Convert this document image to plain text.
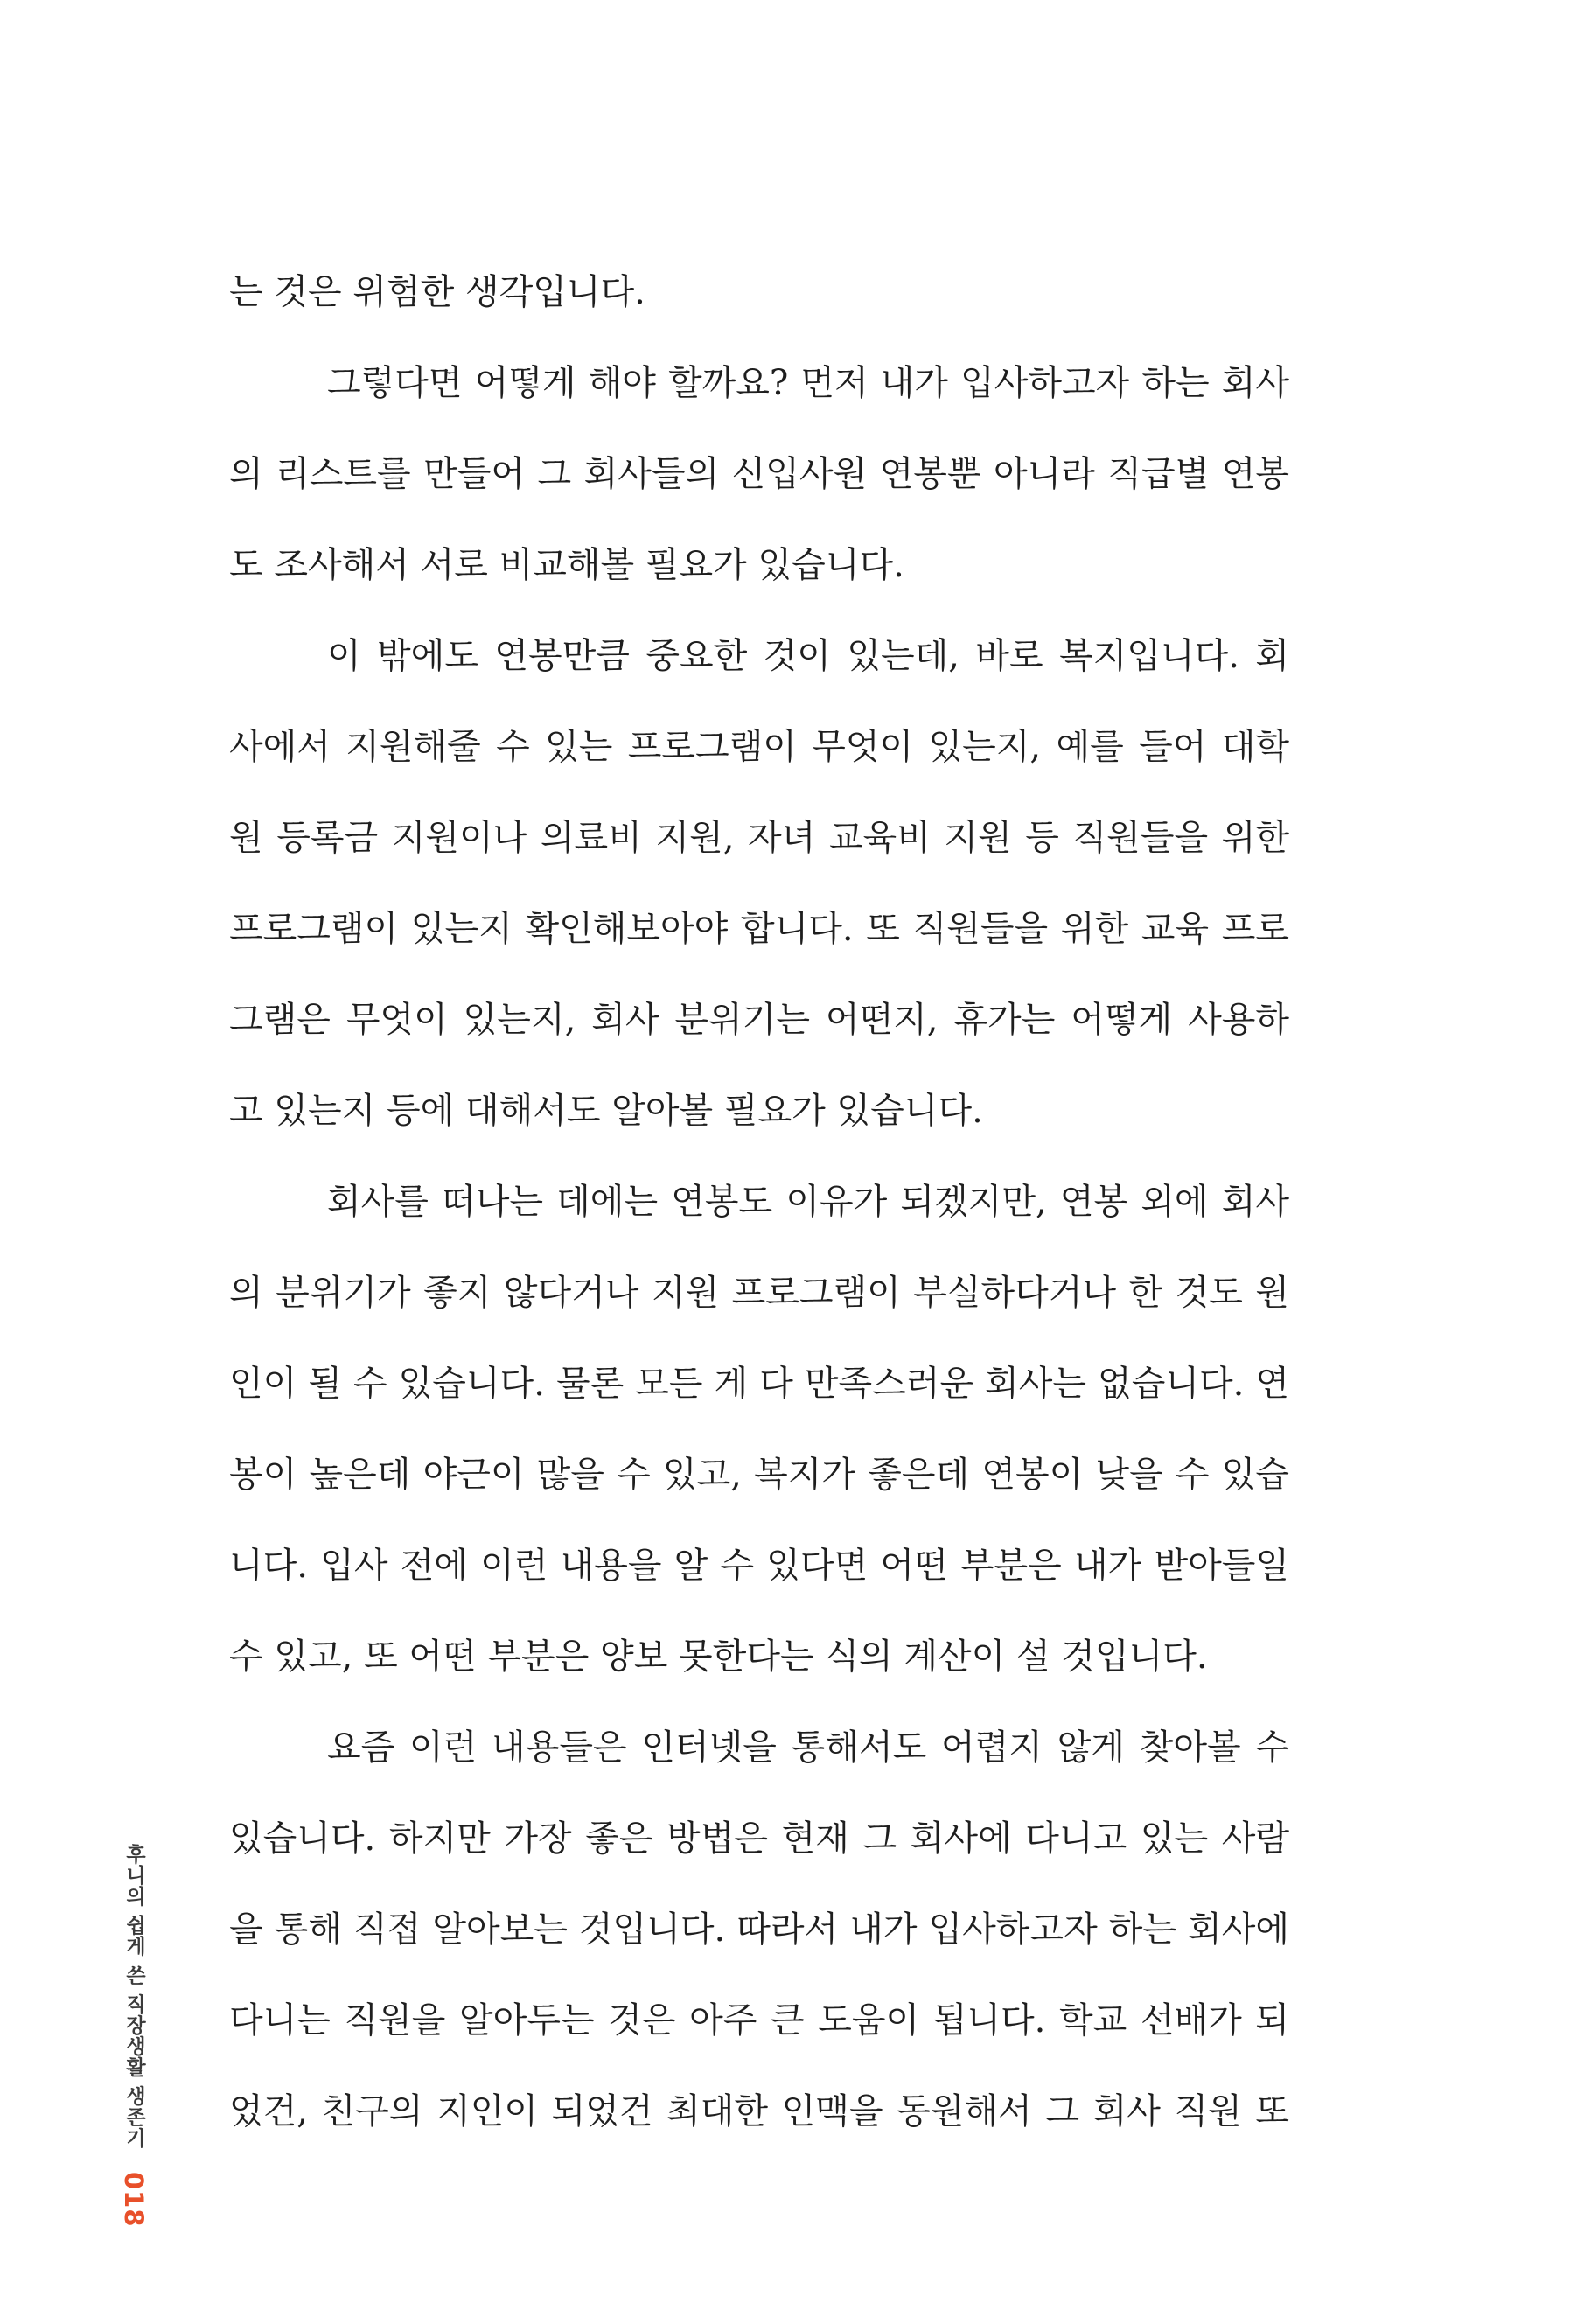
는 것은 위험한 생각입니다.
그렇다면 어떻게 해야 할까요? 먼저 내가 입사하고자 하는 회사
의 리스트를 만들어 그 회사들의 신입사원 연봉뿐 아니라 직급별 연봉
도 조사해서 서로 비교해볼 필요가 있습니다.
이 밖에도 연봉만큼 중요한 것이 있는데, 바로 복지입니다. 회
사에서 지원해줄 수 있는 프로그램이 무엇이 있는지, 예를 들어 대학
원 등록금 지원이나 의료비 지원, 자녀 교육비 지원 등 직원들을 위한
프로그램이 있는지 확인해보아야 합니다. 또 직원들을 위한 교육 프로
그램은 무엇이 있는지, 회사 분위기는 어떤지, 휴가는 어떻게 사용하
고 있는지 등에 대해서도 알아볼 필요가 있습니다.
회사를 떠나는 데에는 연봉도 이유가 되겠지만, 연봉 외에 회사
의 분위기가 좋지 않다거나 지원 프로그램이 부실하다거나 한 것도 원
인이 될 수 있습니다. 물론 모든 게 다 만족스러운 회사는 없습니다. 연
봉이 높은데 야근이 많을 수 있고, 복지가 좋은데 연봉이 낮을 수 있습
니다. 입사 전에 이런 내용을 알 수 있다면 어떤 부분은 내가 받아들일
수 있고, 또 어떤 부분은 양보 못한다는 식의 계산이 설 것입니다.
요즘 이런 내용들은 인터넷을 통해서도 어렵지 않게 찾아볼 수
있습니다. 하지만 가장 좋은 방법은 현재 그 회사에 다니고 있는 사람
을 통해 직접 알아보는 것입니다. 따라서 내가 입사하고자 하는 회사에
다니는 직원을 알아두는 것은 아주 큰 도움이 됩니다. 학교 선배가 되
었건, 친구의 지인이 되었건 최대한 인맥을 동원해서 그 회사 직원 또
후니의 쉽게 쓴 직장생활 생존기 018
